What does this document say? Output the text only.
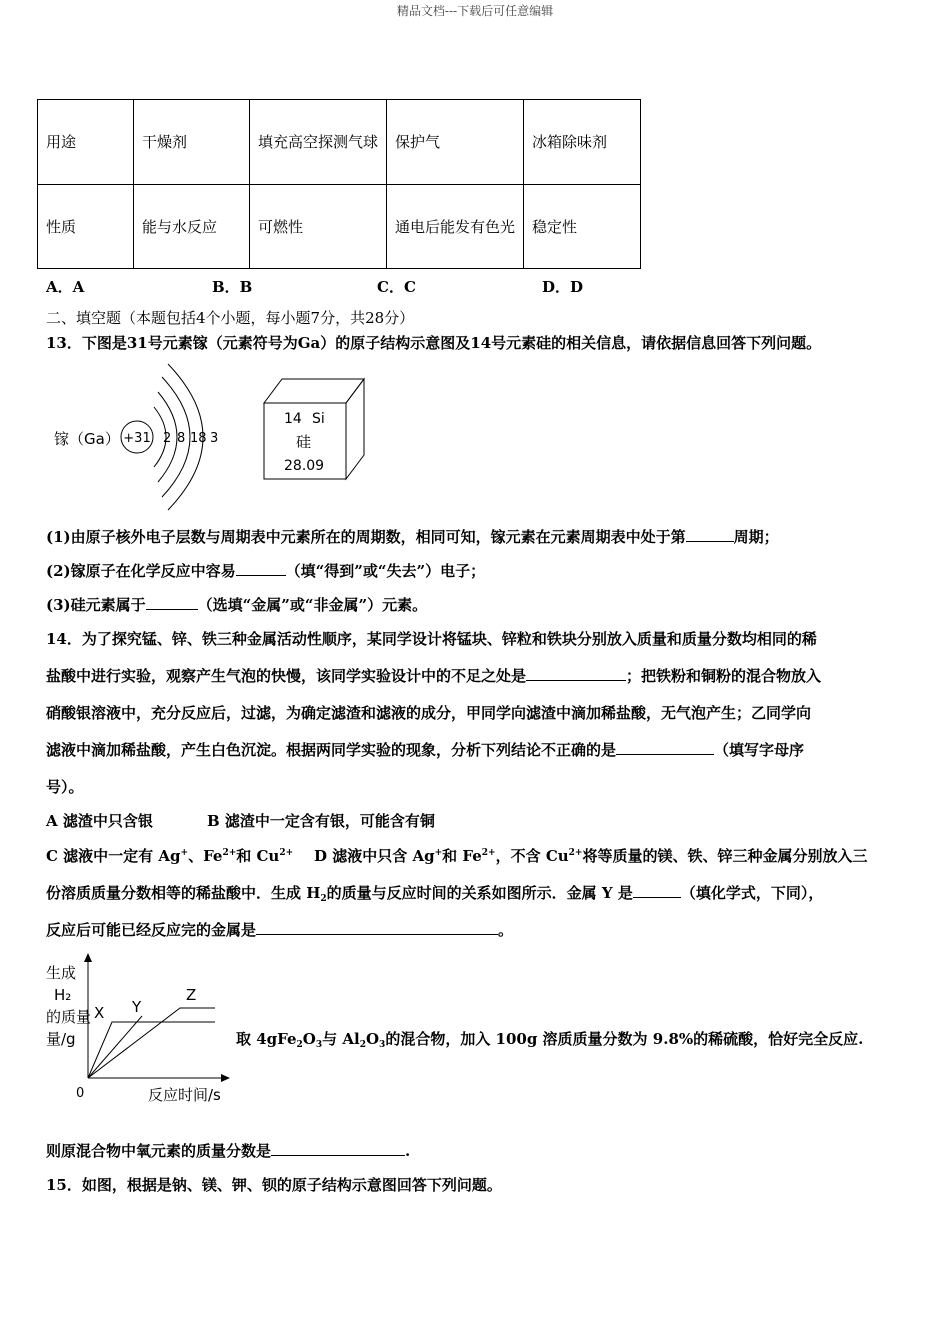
精品文档---下载后可任意编辑
用途	干燥剂	填充高空探测气球	保护气	冰箱除味剂
性质	能与水反应	可燃性	通电后能发有色光	稳定性
A．A	B．B	C．C	D．D
二、填空题（本题包括4个小题，每小题7分，共28分）
13．下图是31号元素镓（元素符号为Ga）的原子结构示意图及14号元素硅的相关信息，请依据信息回答下列问题。
镓（Ga） +31 2 8 18 3
14 Si
硅
28.09
(1)由原子核外电子层数与周期表中元素所在的周期数，相同可知，镓元素在元素周期表中处于第	周期；
(2)镓原子在化学反应中容易	（填“得到”或“失去”）电子；
(3)硅元素属于	（选填“金属”或“非金属”）元素。
14．为了探究锰、锌、铁三种金属活动性顺序，某同学设计将锰块、锌粒和铁块分别放入质量和质量分数均相同的稀
盐酸中进行实验，观察产生气泡的快慢，该同学实验设计中的不足之处是	；把铁粉和铜粉的混合物放入
硝酸银溶液中，充分反应后，过滤，为确定滤渣和滤液的成分，甲同学向滤渣中滴加稀盐酸，无气泡产生；乙同学向
滤液中滴加稀盐酸，产生白色沉淀。根据两同学实验的现象，分析下列结论不正确的是	（填写字母序
号）。
A 滤渣中只含银	B 滤渣中一定含有银，可能含有铜
C 滤液中一定有 Ag+、$Fe^{2+}$和 $Cu^{2+}$ D 滤液中只含 Ag+和 $Fe^{2+}$，不含 $Cu^{2+}$将等质量的镁、铁、锌三种金属分别放入三
份溶质质量分数相等的稀盐酸中．生成 $H_2$的质量与反应时间的关系如图所示．金属 Y 是	（填化学式，下同），
反应后可能已经反应完的金属是	。
生成
H₂
的质量
量/g
0	反应时间/s
X Y
Z
取 $4gFe_2O_3$与 $Al_2O_3$的混合物，加入 100g 溶质质量分数为 9.8%的稀硫酸，恰好完全反应.
则原混合物中氧元素的质量分数是	.
15．如图，根据是钠、镁、钾、钡的原子结构示意图回答下列问题。
